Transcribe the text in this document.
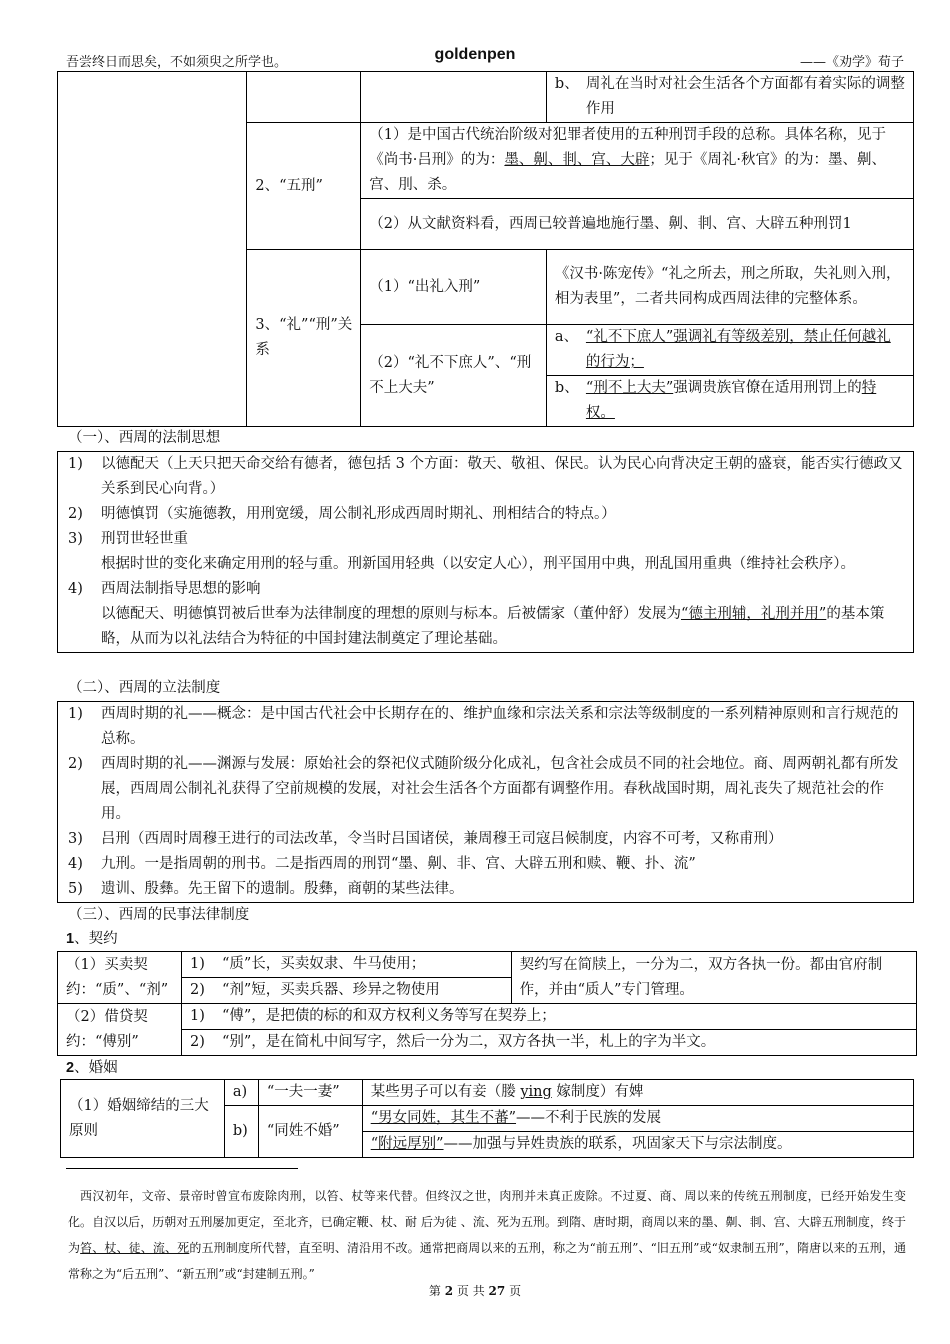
吾尝终日而思矣，不如须臾之所学也。	goldenpen	——《劝学》荀子

			b、 周礼在当时对社会生活各个方面都有着实际的调整作用

	2、“五刑”	（1）是中国古代统治阶级对犯罪者使用的五种刑罚手段的总称。具体名称，见于《尚书·吕刑》的为：墨、劓、剕、宫、大辟；见于《周礼·秋官》的为：墨、劓、宫、刖、杀。	
		（2）从文献资料看，西周已较普遍地施行墨、劓、剕、宫、大辟五种刑罚1	
	3、“礼”“刑”关系	（1）“出礼入刑”	《汉书·陈宠传》“礼之所去，刑之所取，失礼则入刑，相为表里”，二者共同构成西周法律的完整体系。
		（2）“礼不下庶人”、“刑不上大夫”	a、 “礼不下庶人”强调礼有等级差别，禁止任何越礼的行为；

			b、 “刑不上大夫”强调贵族官僚在适用刑罚上的特权。
（一）、西周的法制思想
1)	以德配天（上天只把天命交给有德者，德包括 3 个方面：敬天、敬祖、保民。认为民心向背决定王朝的盛衰，能否实行德政又关系到民心向背。）
2)	明德慎罚（实施德教，用刑宽缓，周公制礼形成西周时期礼、刑相结合的特点。）
3)	刑罚世轻世重
根据时世的变化来确定用刑的轻与重。刑新国用轻典（以安定人心），刑平国用中典，刑乱国用重典（维持社会秩序）。
4)	西周法制指导思想的影响
以德配天、明德慎罚被后世奉为法律制度的理想的原则与标本。后被儒家（董仲舒）发展为“德主刑辅，礼刑并用”的基本策略，从而为以礼法结合为特征的中国封建法制奠定了理论基础。
（二）、西周的立法制度
1)	西周时期的礼——概念：是中国古代社会中长期存在的、维护血缘和宗法关系和宗法等级制度的一系列精神原则和言行规范的总称。
2)	西周时期的礼——渊源与发展：原始社会的祭祀仪式随阶级分化成礼，包含社会成员不同的社会地位。商、周两朝礼都有所发展，西周周公制礼礼获得了空前规模的发展，对社会生活各个方面都有调整作用。春秋战国时期，周礼丧失了规范社会的作用。
3)	吕刑（西周时周穆王进行的司法改革，令当时吕国诸侯，兼周穆王司寇吕候制度，内容不可考，又称甫刑）
4)	九刑。一是指周朝的刑书。二是指西周的刑罚“墨、劓、非、宫、大辟五刑和赎、鞭、扑、流”
5)	遗训、殷彝。先王留下的遗制。殷彝，商朝的某些法律。
（三）、西周的民事法律制度
1、契约
（1）买卖契约：“质”、“剂”	1) “质”长，买卖奴隶、牛马使用；
2) “剂”短，买卖兵器、珍异之物使用	契约写在简牍上，一分为二，双方各执一份。都由官府制作，并由“质人”专门管理。
（2）借贷契约：“傅别”	1) “傅”，是把债的标的和双方权利义务等写在契券上；
2) “别”，是在简札中间写字，然后一分为二，双方各执一半，札上的字为半文。	
2、婚姻
（1）婚姻缔结的三大原则	a)	“一夫一妻”	某些男子可以有妾（媵 ying 嫁制度）有婢
	b)	“同姓不婚”	“男女同姓，其生不蕃”——不利于民族的发展
			“附远厚别”——加强与异姓贵族的联系，巩固家天下与宗法制度。
西汉初年，文帝、景帝时曾宣布废除肉刑，以笞、杖等来代替。但终汉之世，肉刑并未真正废除。不过夏、商、周以来的传统五刑制度，已经开始发生变化。自汉以后，历朝对五刑屡加更定，至北齐，已确定鞭、杖、耐 后为徒 、流、死为五刑。到隋、唐时期，商周以来的墨、劓、剕、宫、大辟五刑制度，终于为笞、杖、徒、流、死的五刑制度所代替，直至明、清沿用不改。通常把商周以来的五刑，称之为“前五刑”、“旧五刑”或“奴隶制五刑”，隋唐以来的五刑，通常称之为“后五刑”、“新五刑”或“封建制五刑。”
第 2 页 共 27 页
